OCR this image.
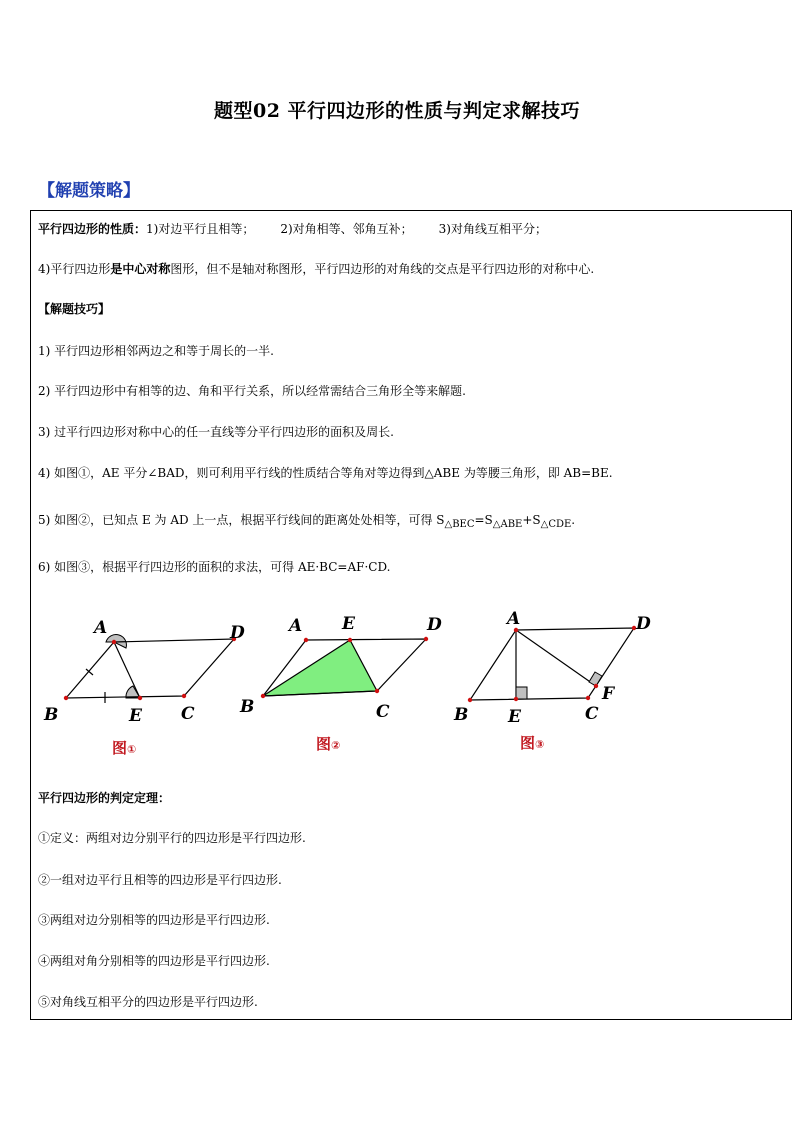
题型02 平行四边形的性质与判定求解技巧
【解题策略】
平行四边形的性质：1)对边平行且相等； 2)对角相等、邻角互补； 3)对角线互相平分；
4)平行四边形是中心对称图形，但不是轴对称图形，平行四边形的对角线的交点是平行四边形的对称中心.
【解题技巧】
1) 平行四边形相邻两边之和等于周长的一半.
2) 平行四边形中有相等的边、角和平行关系，所以经常需结合三角形全等来解题.
3) 过平行四边形对称中心的任一直线等分平行四边形的面积及周长.
4) 如图①，AE 平分∠BAD，则可利用平行线的性质结合等角对等边得到△ABE 为等腰三角形，即 AB=BE.
5) 如图②，已知点 E 为 AD 上一点，根据平行线间的距离处处相等，可得 $S_{\triangle BEC}=S_{\triangle ABE}+S_{\triangle CDE}$.
6) 如图③，根据平行四边形的面积的求法，可得 AE·BC=AF·CD.
A	D
B	E C
图①
A E	D
B	C
图②
A	D
F
B E	C
图③
平行四边形的判定定理：
①定义：两组对边分别平行的四边形是平行四边形.
②一组对边平行且相等的四边形是平行四边形.
③两组对边分别相等的四边形是平行四边形.
④两组对角分别相等的四边形是平行四边形.
⑤对角线互相平分的四边形是平行四边形.
